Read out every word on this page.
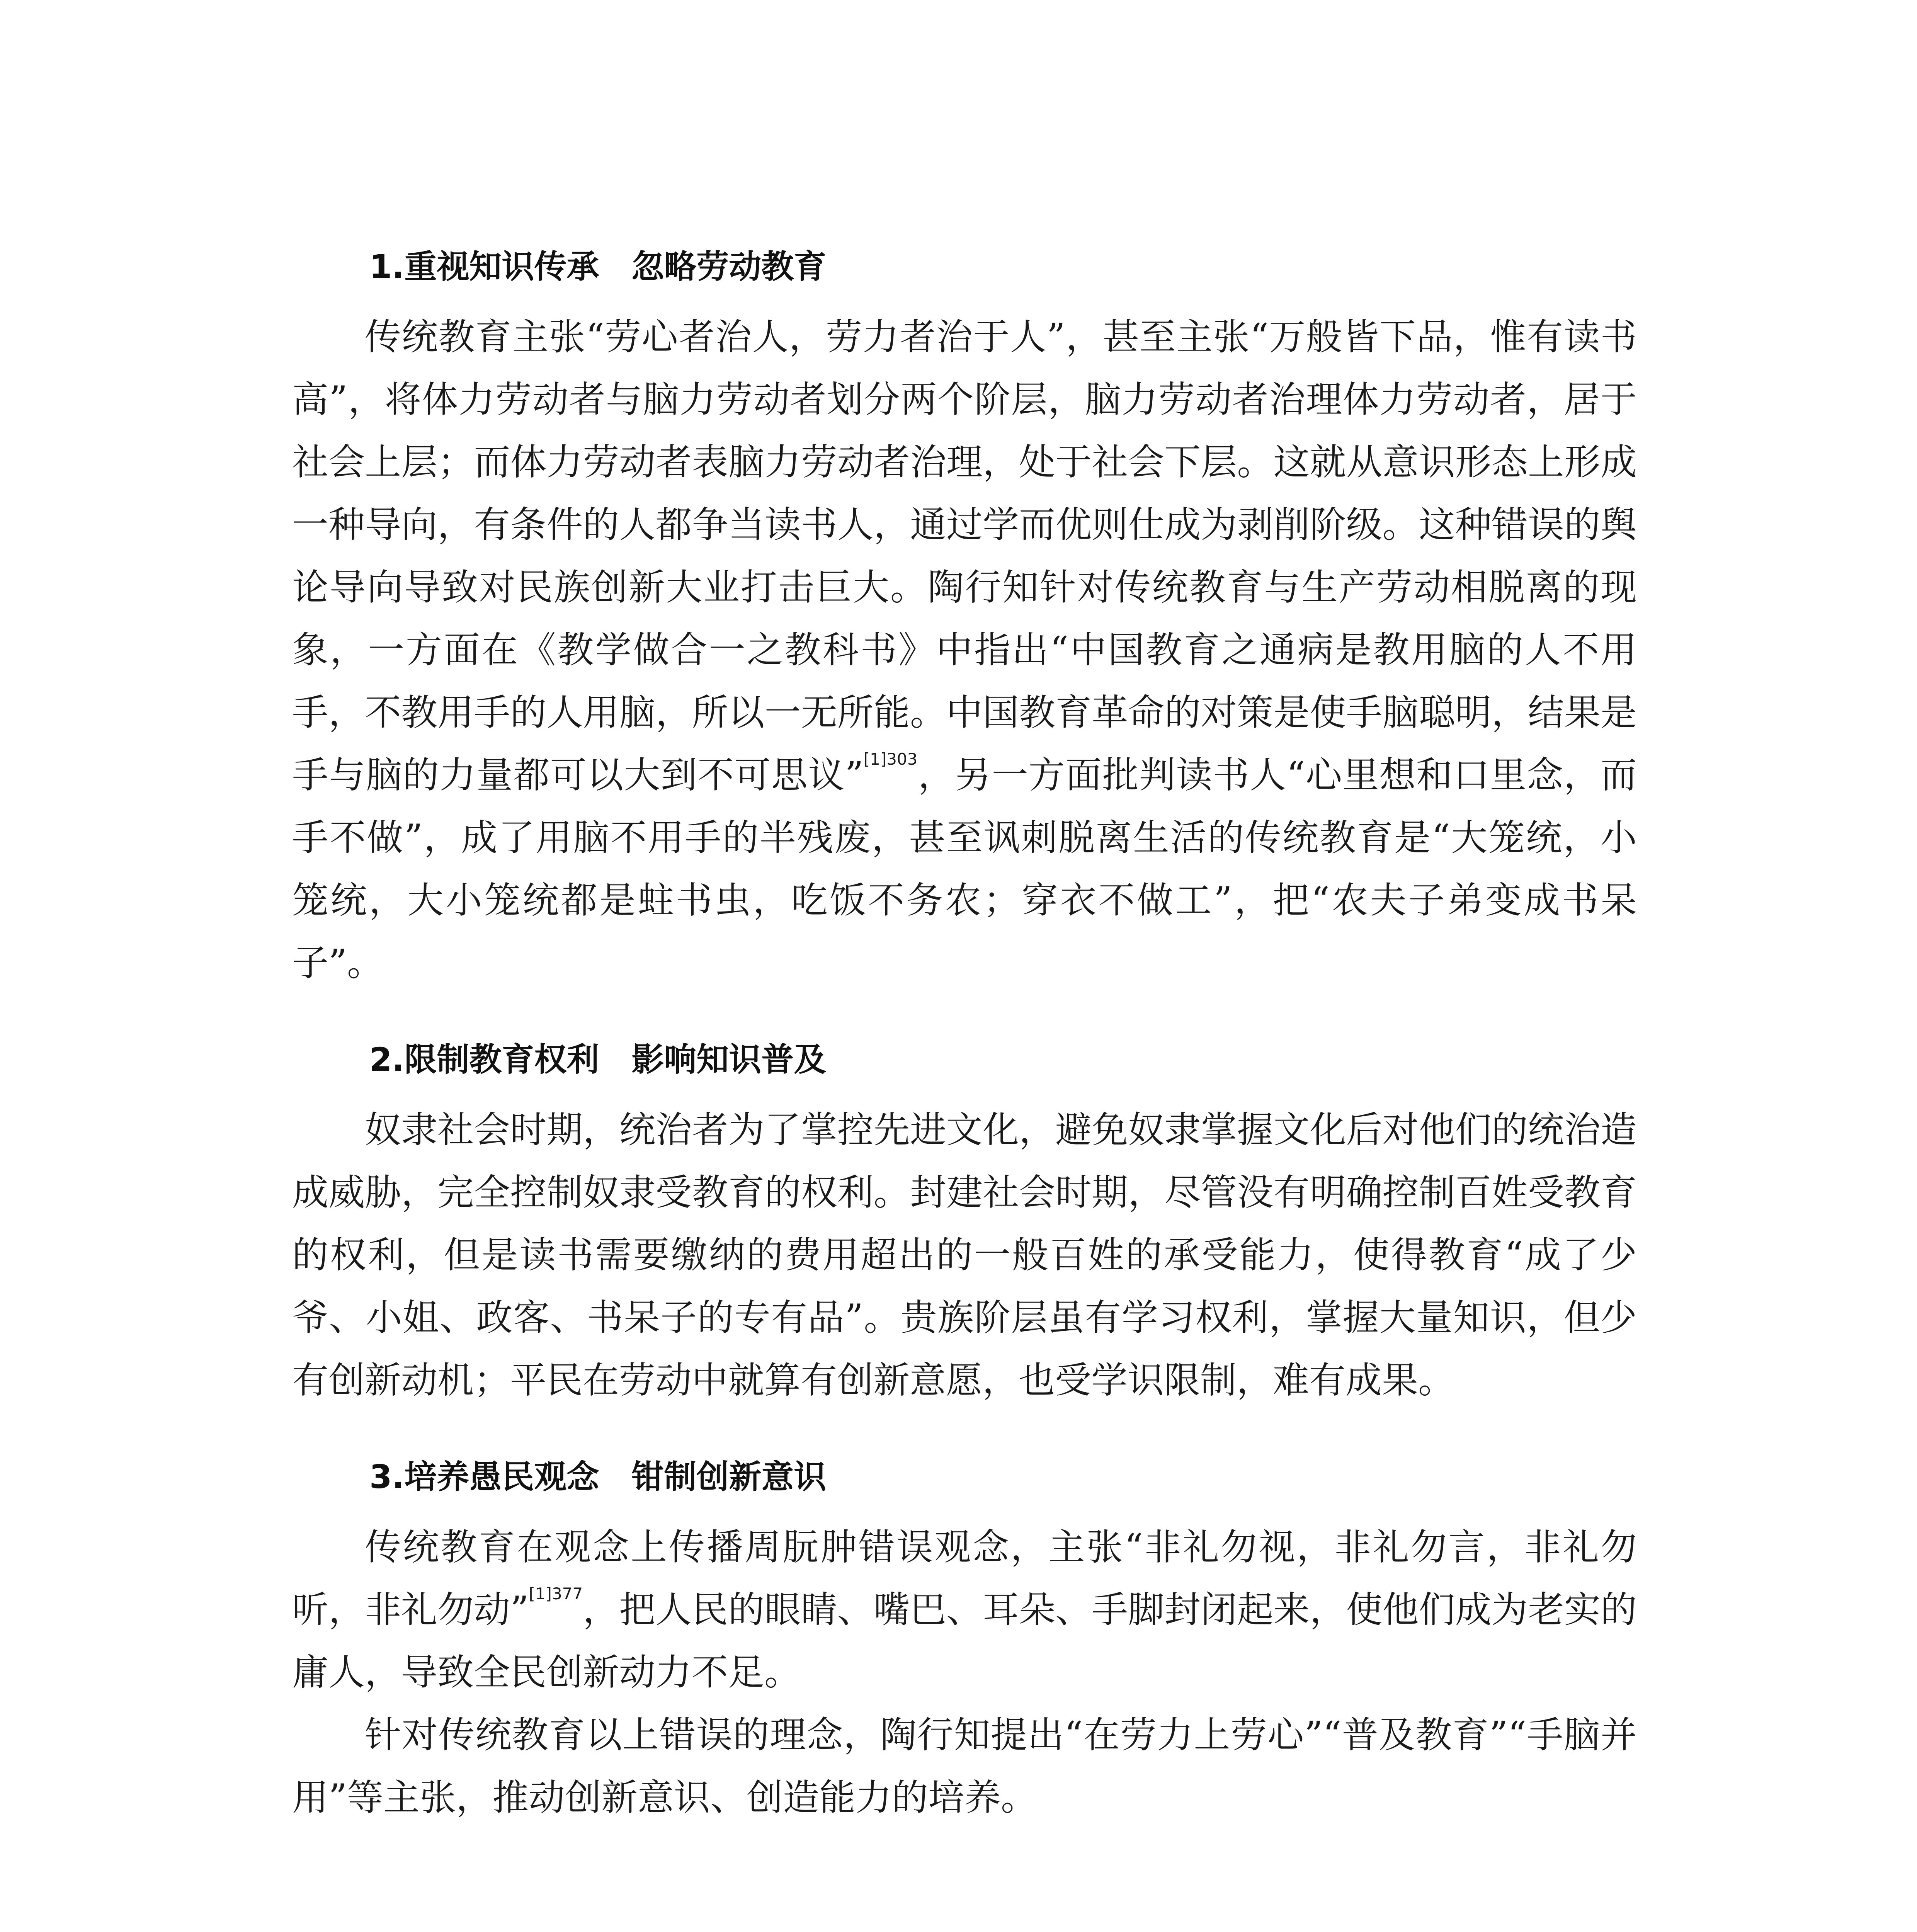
1.重视知识传承 忽略劳动教育

传统教育主张“劳心者治人，劳力者治于人”，甚至主张“万般皆下品，惟有读书高”，将体力劳动者与脑力劳动者划分两个阶层，脑力劳动者治理体力劳动者，居于社会上层；而体力劳动者表脑力劳动者治理，处于社会下层。这就从意识形态上形成一种导向，有条件的人都争当读书人，通过学而优则仕成为剥削阶级。这种错误的舆论导向导致对民族创新大业打击巨大。陶行知针对传统教育与生产劳动相脱离的现象，一方面在《教学做合一之教科书》中指出“中国教育之通病是教用脑的人不用手，不教用手的人用脑，所以一无所能。中国教育革命的对策是使手脑聪明，结果是手与脑的力量都可以大到不可思议”$^{[1]303}$，另一方面批判读书人“心里想和口里念，而手不做”，成了用脑不用手的半残废，甚至讽刺脱离生活的传统教育是“大笼统，小笼统，大小笼统都是蛀书虫，吃饭不务农；穿衣不做工”，把“农夫子弟变成书呆子”。

2.限制教育权利 影响知识普及

奴隶社会时期，统治者为了掌控先进文化，避免奴隶掌握文化后对他们的统治造成威胁，完全控制奴隶受教育的权利。封建社会时期，尽管没有明确控制百姓受教育的权利，但是读书需要缴纳的费用超出的一般百姓的承受能力，使得教育“成了少爷、小姐、政客、书呆子的专有品”。贵族阶层虽有学习权利，掌握大量知识，但少有创新动机；平民在劳动中就算有创新意愿，也受学识限制，难有成果。

3.培养愚民观念 钳制创新意识

传统教育在观念上传播周朊肿错误观念，主张“非礼勿视，非礼勿言，非礼勿听，非礼勿动”$^{[1]377}$，把人民的眼睛、嘴巴、耳朵、手脚封闭起来，使他们成为老实的庸人，导致全民创新动力不足。

针对传统教育以上错误的理念，陶行知提出“在劳力上劳心”“普及教育”“手脑并用”等主张，推动创新意识、创造能力的培养。
